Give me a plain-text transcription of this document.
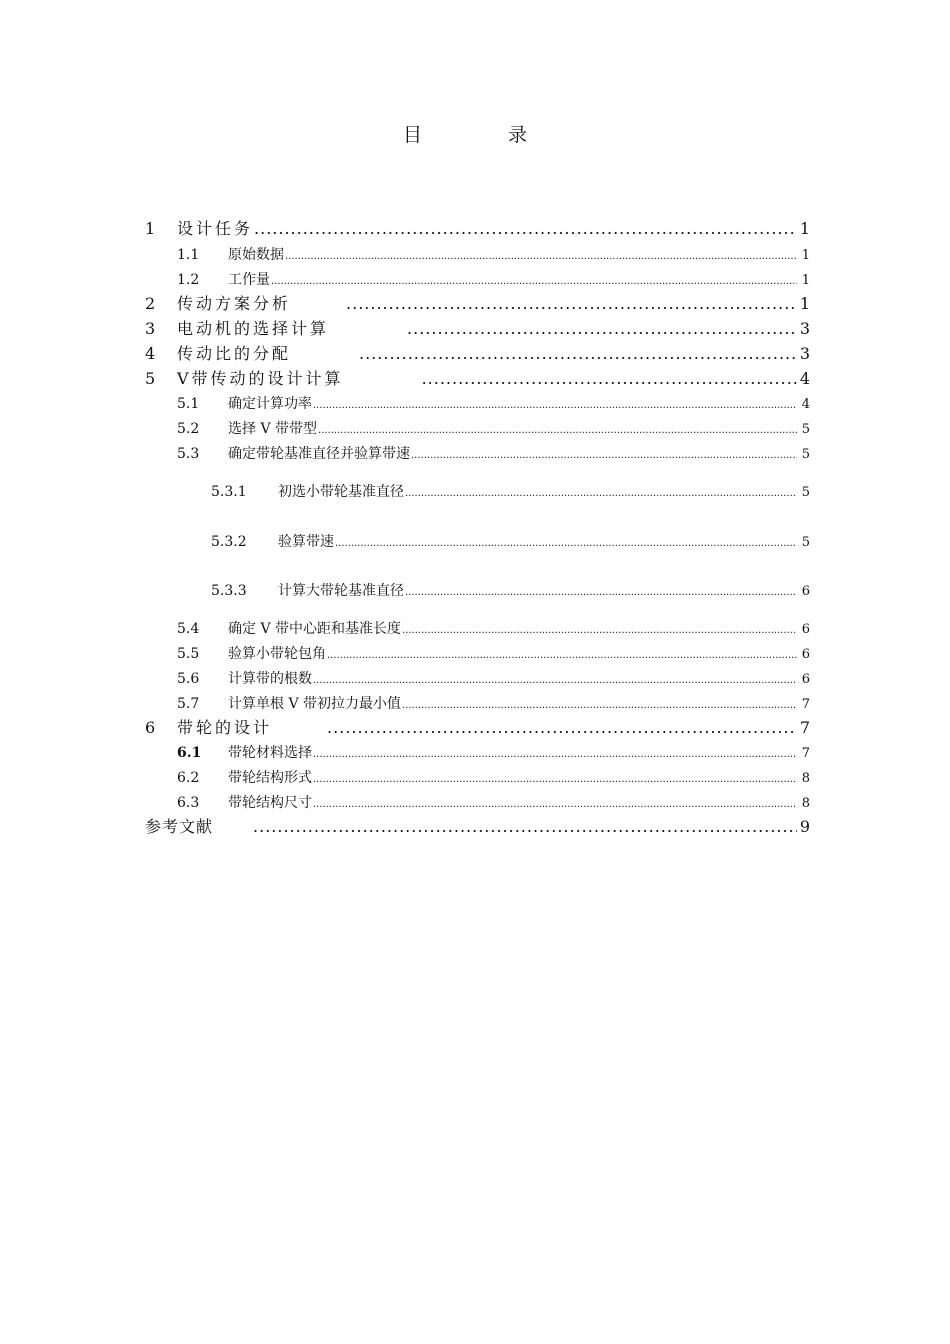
目 录
1	设计任务 .....	1
1.1	原始数据 .....	1
1.2	工作量 .....	1
2	传动方案分析 .....	1
3	电动机的选择计算 .....	3
4	传动比的分配 .....	3
5	V带传动的设计计算 .....	4
5.1	确定计算功率 .....	4
5.2	选择 V 带带型 .....	5
5.3	确定带轮基准直径并验算带速 .....	5
5.3.1	初选小带轮基准直径 .....	5
5.3.2	验算带速 .....	5
5.3.3	计算大带轮基准直径 .....	6
5.4	确定 V 带中心距和基准长度 .....	6
5.5	验算小带轮包角 .....	6
5.6	计算带的根数 .....	6
5.7	计算单根 V 带初拉力最小值 .....	7
6	带轮的设计 .....	7
6.1	带轮材料选择 .....	7
6.2	带轮结构形式 .....	8
6.3	带轮结构尺寸 .....	8
参考文献 .....	9
